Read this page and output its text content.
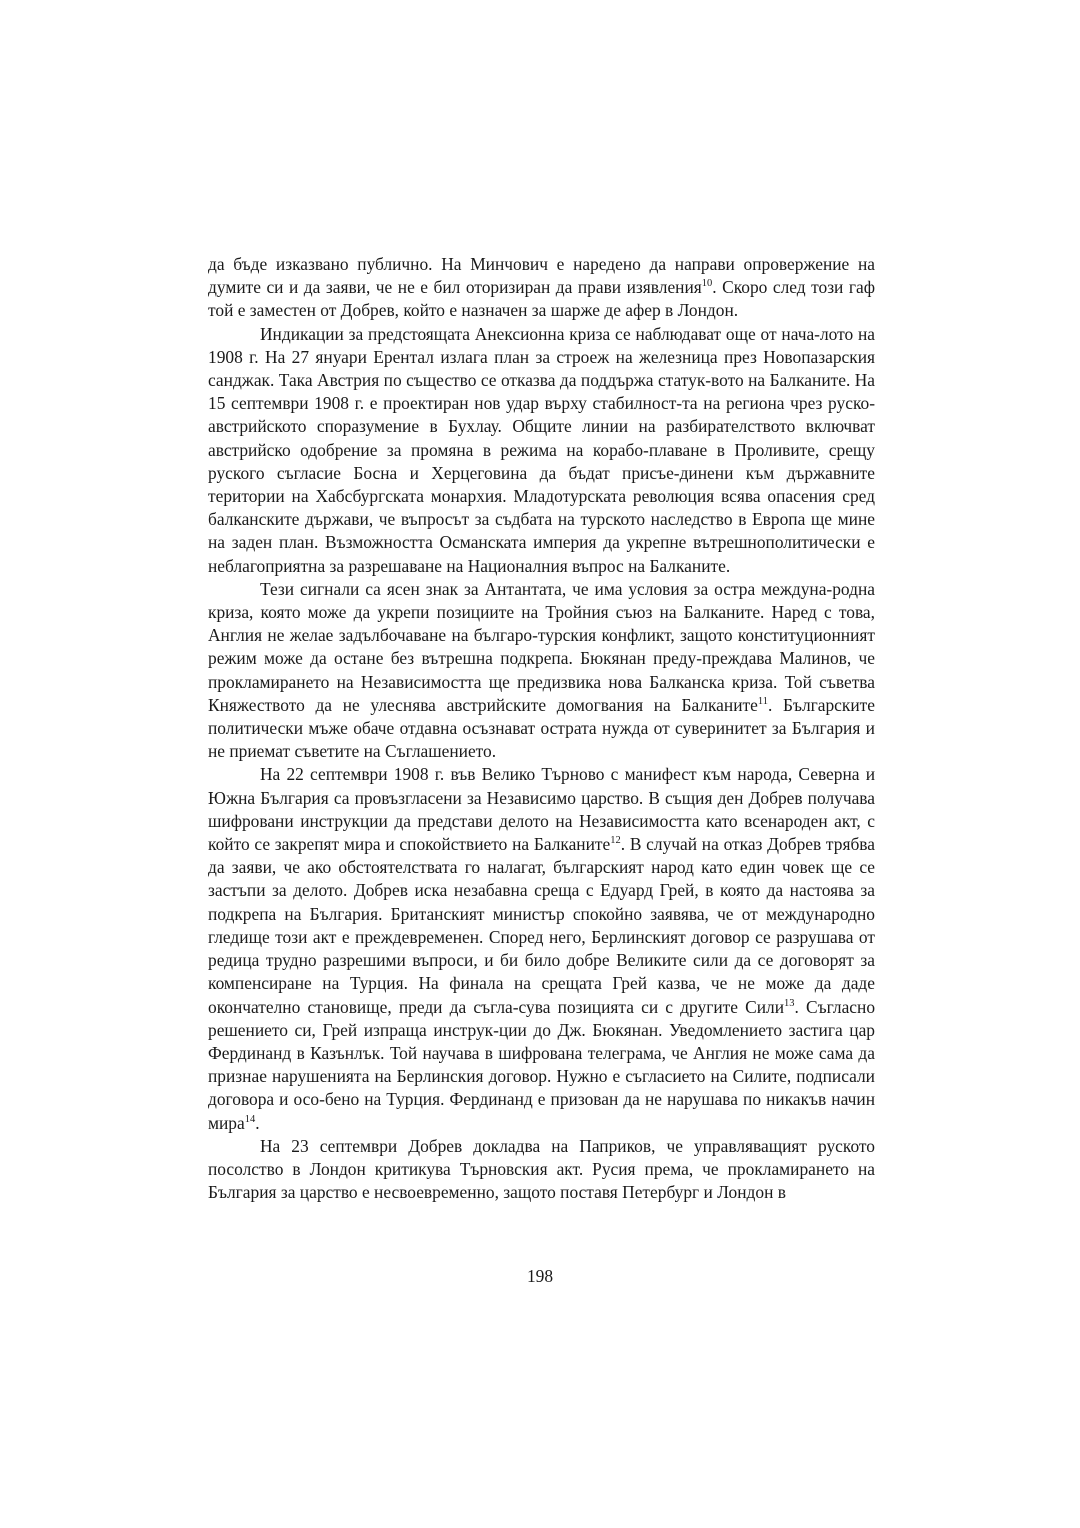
да бъде изказвано публично. На Минчович е наредено да направи опровержение на думите си и да заяви, че не е бил оторизиран да прави изявления$^{10}$. Скоро след този гаф той е заместен от Добрев, който е назначен за шарже де афер в Лондон.

Индикации за предстоящата Анексионна криза се наблюдават още от нача-лото на 1908 г. На 27 януари Ерентал излага план за строеж на железница през Новопазарския санджак. Така Австрия по същество се отказва да поддържа статук-вото на Балканите. На 15 септември 1908 г. е проектиран нов удар върху стабилност-та на региона чрез руско-австрийското споразумение в Бухлау. Общите линии на разбирателството включват австрийско одобрение за промяна в режима на корабо-плаване в Проливите, срещу руского съгласие Босна и Херцеговина да бъдат присъе-динени към държавните територии на Хабсбургската монархия. Младотурската революция всява опасения сред балканските държави, че въпросът за съдбата на турското наследство в Европа ще мине на заден план. Възможността Османската империя да укрепне вътрешнополитически е неблагоприятна за разрешаване на Националния въпрос на Балканите.

Тези сигнали са ясен знак за Антантата, че има условия за остра междуна-родна криза, която може да укрепи позициите на Тройния съюз на Балканите. Наред с това, Англия не желае задълбочаване на българо-турския конфликт, защото конституционният режим може да остане без вътрешна подкрепа. Бюкянан преду-преждава Малинов, че прокламирането на Независимостта ще предизвика нова Балканска криза. Той съветва Княжеството да не улеснява австрийските домогвания на Балканите$^{11}$. Българските политически мъже обаче отдавна осъзнават острата нужда от суверинитет за България и не приемат съветите на Съглашението.

На 22 септември 1908 г. във Велико Търново с манифест към народа, Северна и Южна България са провъзгласени за Независимо царство. В същия ден Добрев получава шифровани инструкции да представи делото на Независимостта като всенароден акт, с който се закрепят мира и спокойствието на Балканите$^{12}$. В случай на отказ Добрев трябва да заяви, че ако обстоятелствата го налагат, българският народ като един човек ще се застъпи за делото. Добрев иска незабавна среща с Едуард Грей, в която да настоява за подкрепа на България. Британският министър спокойно заявява, че от международно гледище този акт е преждевременен. Според него, Берлинският договор се разрушава от редица трудно разрешими въпроси, и би било добре Великите сили да се договорят за компенсиране на Турция. На финала на срещата Грей казва, че не може да даде окончателно становище, преди да съгла-сува позицията си с другите Сили$^{13}$. Съгласно решението си, Грей изпраща инструк-ции до Дж. Бюкянан. Уведомлението застига цар Фердинанд в Казънлък. Той научава в шифрована телеграма, че Англия не може сама да признае нарушенията на Берлинския договор. Нужно е съгласието на Силите, подписали договора и осо-бено на Турция. Фердинанд е призован да не нарушава по никакъв начин мира$^{14}$.

На 23 септември Добрев докладва на Паприков, че управляващият руското посолство в Лондон критикува Търновския акт. Русия према, че прокламирането на България за царство е несвоевременно, защото поставя Петербург и Лондон в

198
